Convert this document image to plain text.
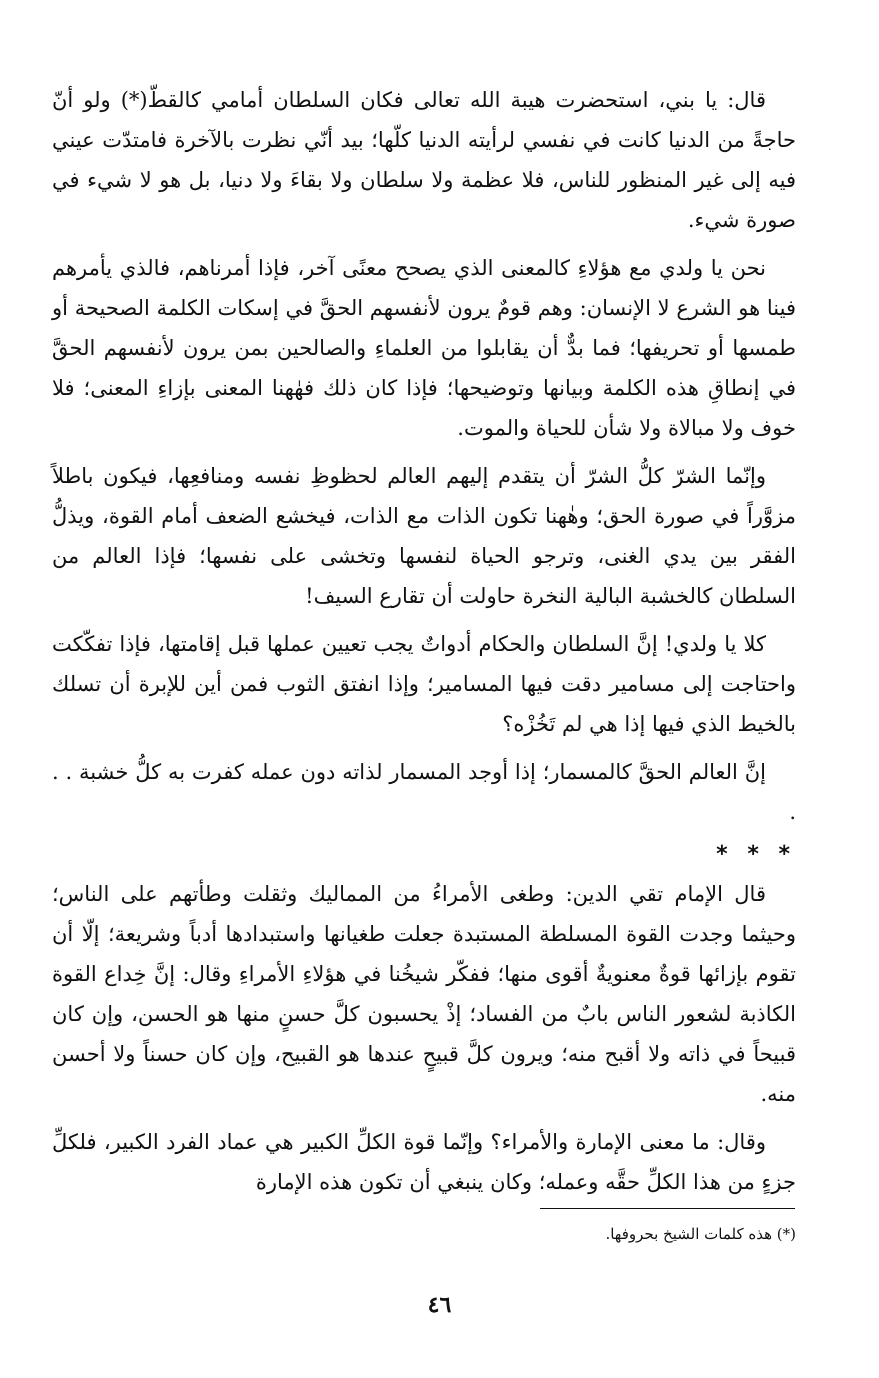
قال: يا بني، استحضرت هيبة الله تعالى فكان السلطان أمامي كالقطّ(*) ولو أنّ حاجةً من الدنيا كانت في نفسي لرأيته الدنيا كلّها؛ بيد أنّي نظرت بالآخرة فامتدّت عيني فيه إلى غير المنظور للناس، فلا عظمة ولا سلطان ولا بقاءَ ولا دنيا، بل هو لا شيء في صورة شيء.

نحن يا ولدي مع هؤلاءِ كالمعنى الذي يصحح معنًى آخر، فإذا أمرناهم، فالذي يأمرهم فينا هو الشرع لا الإنسان: وهم قومٌ يرون لأنفسهم الحقَّ في إسكات الكلمة الصحيحة أو طمسها أو تحريفها؛ فما بدٌّ أن يقابلوا من العلماءِ والصالحين بمن يرون لأنفسهم الحقَّ في إنطاقِ هذه الكلمة وبيانها وتوضيحها؛ فإذا كان ذلك فهٰهنا المعنى بإزاءِ المعنى؛ فلا خوف ولا مبالاة ولا شأن للحياة والموت.

وإنّما الشرّ كلُّ الشرّ أن يتقدم إليهم العالم لحظوظِ نفسه ومنافعِها، فيكون باطلاً مزوَّراً في صورة الحق؛ وهٰهنا تكون الذات مع الذات، فيخشع الضعف أمام القوة، ويذلُّ الفقر بين يدي الغنى، وترجو الحياة لنفسها وتخشى على نفسها؛ فإذا العالم من السلطان كالخشبة البالية النخرة حاولت أن تقارع السيف!

كلا يا ولدي! إنَّ السلطان والحكام أدواتٌ يجب تعيين عملها قبل إقامتها، فإذا تفكّكت واحتاجت إلى مسامير دقت فيها المسامير؛ وإذا انفتق الثوب فمن أين للإبرة أن تسلك بالخيط الذي فيها إذا هي لم تَخُزْه؟

إنَّ العالم الحقَّ كالمسمار؛ إذا أوجد المسمار لذاته دون عمله كفرت به كلُّ خشبة . . .

* * *

قال الإمام تقي الدين: وطغى الأمراءُ من المماليك وثقلت وطأتهم على الناس؛ وحيثما وجدت القوة المسلطة المستبدة جعلت طغيانها واستبدادها أدباً وشريعة؛ إلّا أن تقوم بإزائها قوةٌ معنويةٌ أقوى منها؛ ففكّر شيخُنا في هؤلاءِ الأمراءِ وقال: إنَّ خِداع القوة الكاذبة لشعور الناس بابٌ من الفساد؛ إذْ يحسبون كلَّ حسنٍ منها هو الحسن، وإن كان قبيحاً في ذاته ولا أقبح منه؛ ويرون كلَّ قبيحٍ عندها هو القبيح، وإن كان حسناً ولا أحسن منه.

وقال: ما معنى الإمارة والأمراء؟ وإنّما قوة الكلِّ الكبير هي عماد الفرد الكبير، فلكلِّ جزءٍ من هذا الكلِّ حقَّه وعمله؛ وكان ينبغي أن تكون هذه الإمارة

(*) هذه كلمات الشيخ بحروفها.
٤٦
